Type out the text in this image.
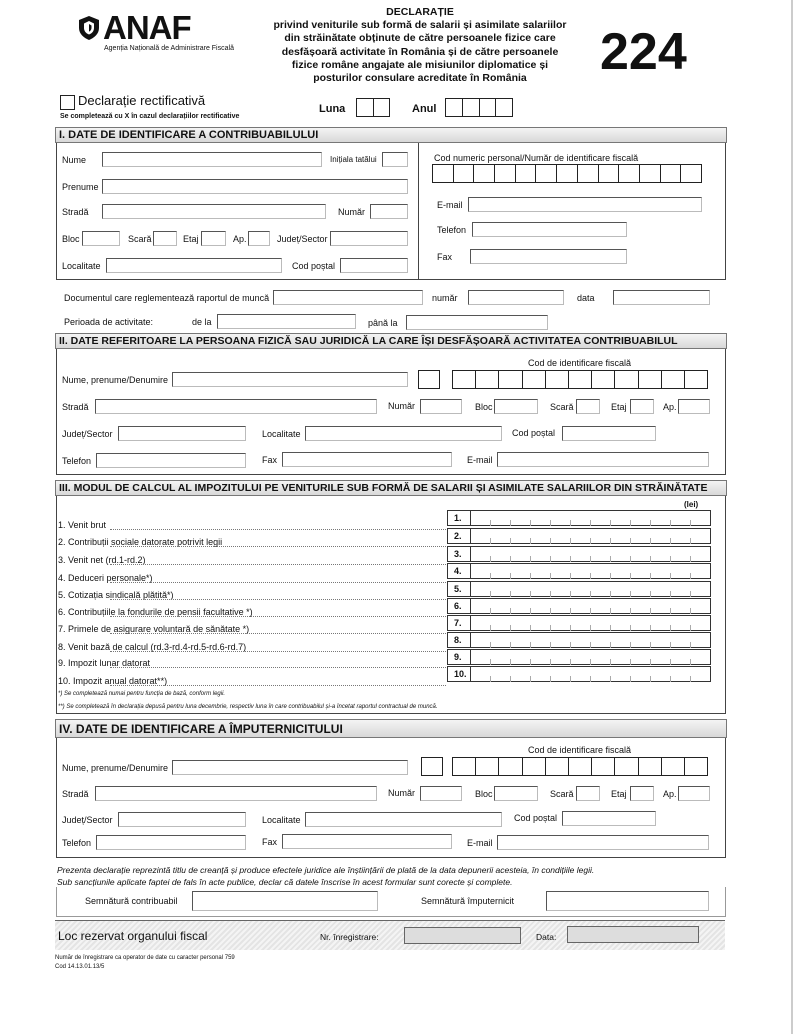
ANAF
Agenția Națională de Administrare Fiscală
DECLARAȚIE
privind veniturile sub formă de salarii și asimilate salariilor din străinătate obținute de către persoanele fizice care desfășoară activitate în România și de către persoanele fizice române angajate ale misiunilor diplomatice și posturilor consulare acreditate în România	224
Declarație rectificativă
Se completează cu X în cazul declarațiilor rectificative
Luna	Anul
I. DATE DE IDENTIFICARE A CONTRIBUABILULUI
Nume	Inițiala tatălui	Cod numeric personal/Număr de identificare fiscală
Prenume
Stradă	Număr
E-mail
Bloc	Scară	Etaj	Ap.	Județ/Sector
Telefon
Localitate	Cod poștal
Fax
Documentul care reglementează raportul de muncă	număr	data
Perioada de activitate:	de la	până la
II. DATE REFERITOARE LA PERSOANA FIZICĂ SAU JURIDICĂ LA CARE ÎȘI DESFĂȘOARĂ ACTIVITATEA CONTRIBUABILUL
Cod de identificare fiscală
Nume, prenume/Denumire
Stradă	Număr	Bloc	Scară	Etaj	Ap.
Județ/Sector	Localitate	Cod poștal
Telefon	Fax	E-mail
III. MODUL DE CALCUL AL IMPOZITULUI PE VENITURILE SUB FORMĂ DE SALARII ȘI ASIMILATE SALARIILOR DIN STRĂINĂTATE
(lei)
1. Venit brut
1.
2. Contribuții sociale datorate potrivit legii
2.
3. Venit net (rd.1-rd.2)
3.
4. Deduceri personale*)
4.
5. Cotizația sindicală plătită*)
5.
6. Contribuțiile la fondurile de pensii facultative *)
6.
7. Primele de asigurare voluntară de sănătate *)
7.
8. Venit bază de calcul (rd.3-rd.4-rd.5-rd.6-rd.7)
8.
9. Impozit lunar datorat
9.
10. Impozit anual datorat**)
10.
*) Se completează numai pentru funcția de bază, conform legii.
**) Se completează în declarația depusă pentru luna decembrie, respectiv luna în care contribuabilul și-a încetat raportul contractual de muncă.
IV. DATE DE IDENTIFICARE A ÎMPUTERNICITULUI
Cod de identificare fiscală
Nume, prenume/Denumire
Stradă	Număr	Bloc	Scară	Etaj	Ap.
Județ/Sector	Localitate	Cod poștal
Telefon	Fax	E-mail
Prezenta declarație reprezintă titlu de creanță și produce efectele juridice ale înștiințării de plată de la data depunerii acesteia, în condițiile legii.
Sub sancțiunile aplicate faptei de fals în acte publice, declar că datele înscrise în acest formular sunt corecte și complete.
Semnătură contribuabil	Semnătură împuternicit
Loc rezervat organului fiscal	Nr. înregistrare:	Data:
Număr de înregistrare ca operator de date cu caracter personal 759
Cod 14.13.01.13/5
